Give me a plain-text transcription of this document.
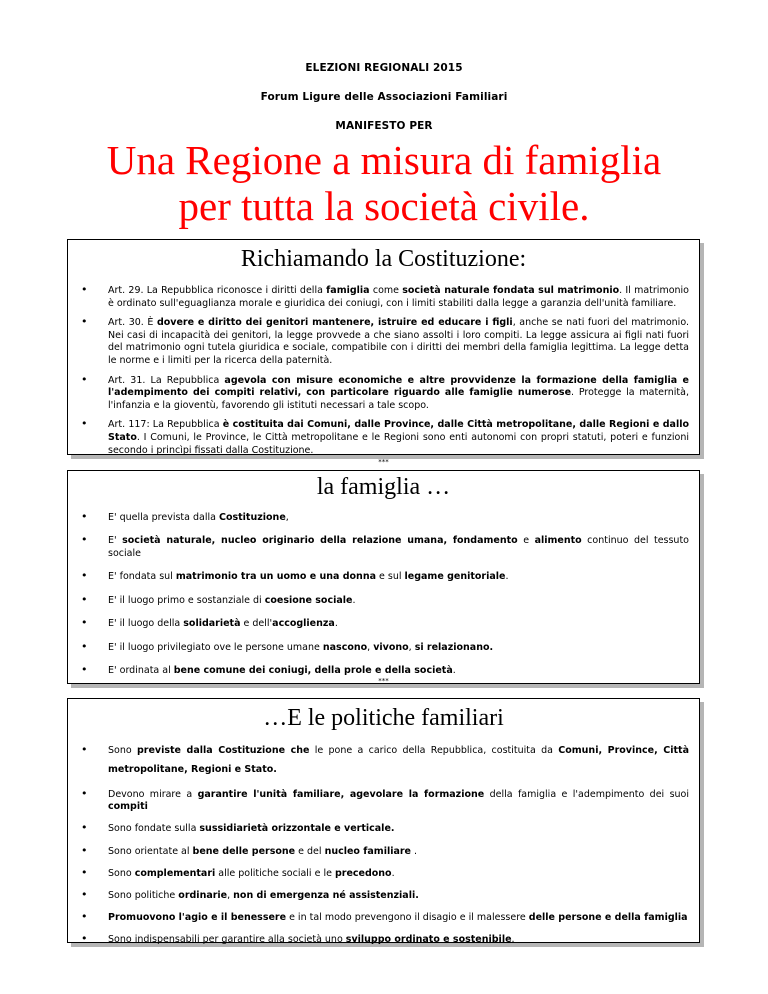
ELEZIONI REGIONALI 2015
Forum Ligure delle Associazioni Familiari
MANIFESTO PER
Una Regione a misura di famiglia
per tutta la società civile.
Richiamando la Costituzione:
• Art. 29. La Repubblica riconosce i diritti della famiglia come società naturale fondata sul matrimonio. Il matrimonio è ordinato sull'eguaglianza morale e giuridica dei coniugi, con i limiti stabiliti dalla legge a garanzia dell'unità familiare.
• Art. 30. È dovere e diritto dei genitori mantenere, istruire ed educare i figli, anche se nati fuori del matrimonio. Nei casi di incapacità dei genitori, la legge provvede a che siano assolti i loro compiti. La legge assicura ai figli nati fuori del matrimonio ogni tutela giuridica e sociale, compatibile con i diritti dei membri della famiglia legittima. La legge detta le norme e i limiti per la ricerca della paternità.
• Art. 31. La Repubblica agevola con misure economiche e altre provvidenze la formazione della famiglia e l'adempimento dei compiti relativi, con particolare riguardo alle famiglie numerose. Protegge la maternità, l'infanzia e la gioventù, favorendo gli istituti necessari a tale scopo.
• Art. 117: La Repubblica è costituita dai Comuni, dalle Province, dalle Città metropolitane, dalle Regioni e dallo Stato. I Comuni, le Province, le Città metropolitane e le Regioni sono enti autonomi con propri statuti, poteri e funzioni secondo i princìpi fissati dalla Costituzione.
***
la famiglia …
• E' quella prevista dalla Costituzione,
• E' società naturale, nucleo originario della relazione umana, fondamento e alimento continuo del tessuto sociale
• E' fondata sul matrimonio tra un uomo e una donna e sul legame genitoriale.
• E' il luogo primo e sostanziale di coesione sociale.
• E' il luogo della solidarietà e dell'accoglienza.
• E' il luogo privilegiato ove le persone umane nascono, vivono, si relazionano.
• E' ordinata al bene comune dei coniugi, della prole e della società.
***
…E le politiche familiari
• Sono previste dalla Costituzione che le pone a carico della Repubblica, costituita da Comuni, Province, Città metropolitane, Regioni e Stato.
• Devono mirare a garantire l'unità familiare, agevolare la formazione della famiglia e l'adempimento dei suoi compiti
• Sono fondate sulla sussidiarietà orizzontale e verticale.
• Sono orientate al bene delle persone e del nucleo familiare .
• Sono complementari alle politiche sociali e le precedono.
• Sono politiche ordinarie, non di emergenza né assistenziali.
• Promuovono l'agio e il benessere e in tal modo prevengono il disagio e il malessere delle persone e della famiglia
• Sono indispensabili per garantire alla società uno sviluppo ordinato e sostenibile.
